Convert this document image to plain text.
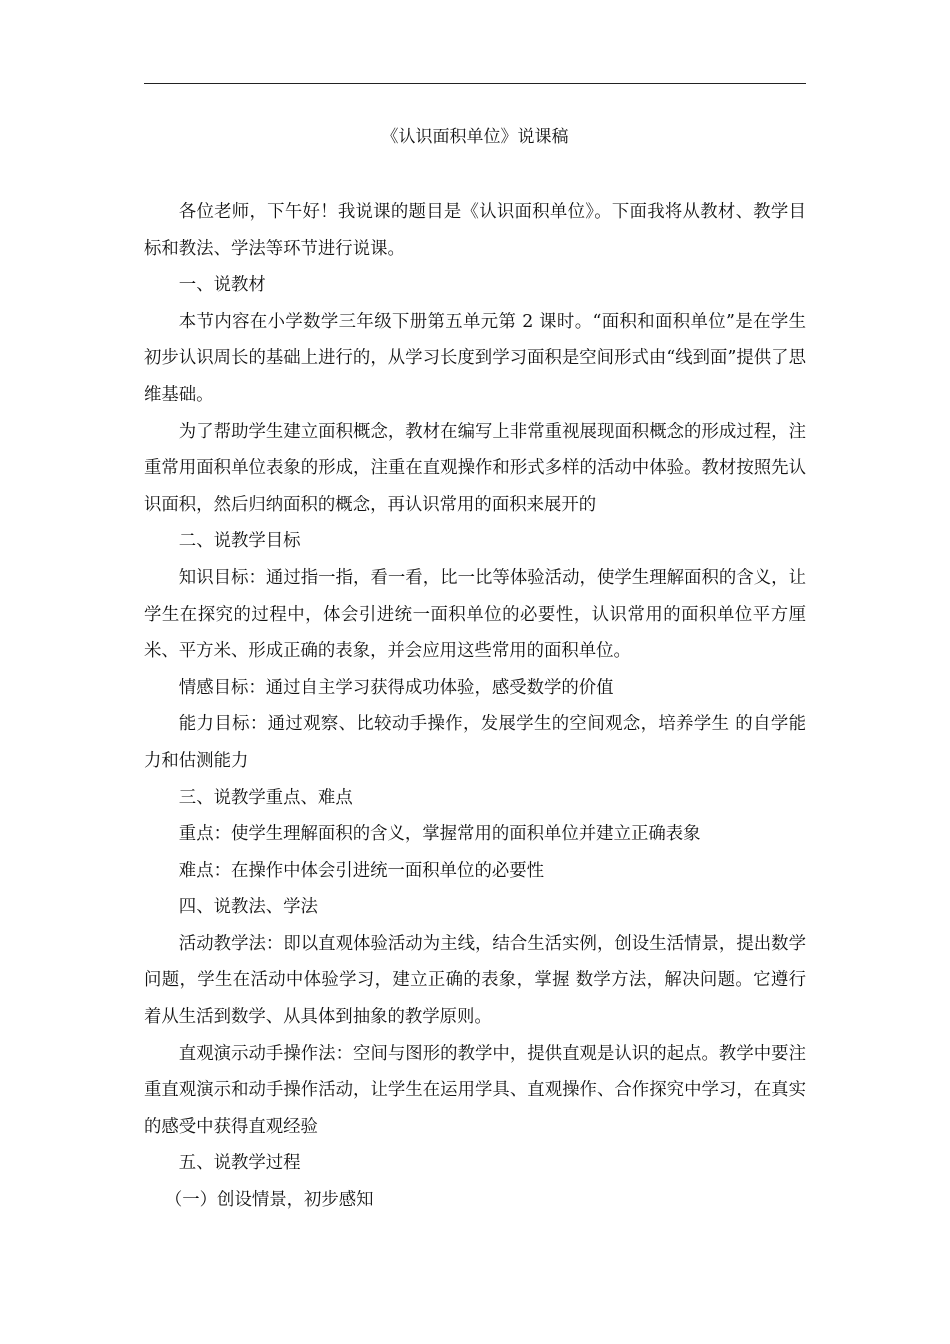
《认识面积单位》说课稿

各位老师，下午好！我说课的题目是《认识面积单位》。下面我将从教材、教学目标和教法、学法等环节进行说课。

一、说教材

本节内容在小学数学三年级下册第五单元第 2 课时。“面积和面积单位”是在学生初步认识周长的基础上进行的，从学习长度到学习面积是空间形式由“线到面”提供了思维基础。

为了帮助学生建立面积概念，教材在编写上非常重视展现面积概念的形成过程，注重常用面积单位表象的形成，注重在直观操作和形式多样的活动中体验。教材按照先认识面积，然后归纳面积的概念，再认识常用的面积来展开的

二、说教学目标

知识目标：通过指一指，看一看，比一比等体验活动，使学生理解面积的含义，让学生在探究的过程中，体会引进统一面积单位的必要性，认识常用的面积单位平方厘米、平方米、形成正确的表象，并会应用这些常用的面积单位。

情感目标：通过自主学习获得成功体验，感受数学的价值

能力目标：通过观察、比较动手操作，发展学生的空间观念，培养学生 的自学能力和估测能力

三、说教学重点、难点

重点：使学生理解面积的含义，掌握常用的面积单位并建立正确表象

难点：在操作中体会引进统一面积单位的必要性

四、说教法、学法

活动教学法：即以直观体验活动为主线，结合生活实例，创设生活情景，提出数学问题，学生在活动中体验学习，建立正确的表象，掌握 数学方法，解决问题。它遵行着从生活到数学、从具体到抽象的教学原则。

直观演示动手操作法：空间与图形的教学中，提供直观是认识的起点。教学中要注重直观演示和动手操作活动，让学生在运用学具、直观操作、合作探究中学习，在真实的感受中获得直观经验

五、说教学过程

（一）创设情景，初步感知
